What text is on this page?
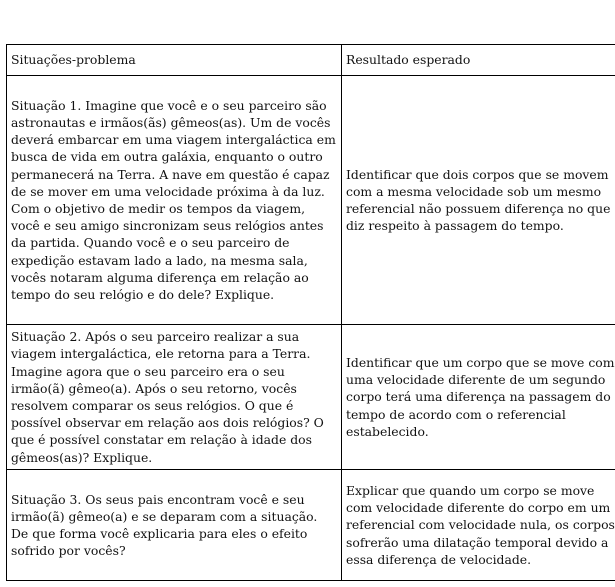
Situações-problema	Resultado esperado

Situação 1. Imagine que você e o seu parceiro são astronautas e irmãos(ãs) gêmeos(as). Um de vocês deverá embarcar em uma viagem intergaláctica em busca de vida em outra galáxia, enquanto o outro permanecerá na Terra. A nave em questão é capaz de se mover em uma velocidade próxima à da luz. Com o objetivo de medir os tempos da viagem, você e seu amigo sincronizam seus relógios antes da partida. Quando você e o seu parceiro de expedição estavam lado a lado, na mesma sala, vocês notaram alguma diferença em relação ao tempo do seu relógio e do dele? Explique.	Identificar que dois corpos que se movem com a mesma velocidade sob um mesmo referencial não possuem diferença no que diz respeito à passagem do tempo.

Situação 2. Após o seu parceiro realizar a sua viagem intergaláctica, ele retorna para a Terra. Imagine agora que o seu parceiro era o seu irmão(ã) gêmeo(a). Após o seu retorno, vocês resolvem comparar os seus relógios. O que é possível observar em relação aos dois relógios? O que é possível constatar em relação à idade dos gêmeos(as)? Explique.	Identificar que um corpo que se move com uma velocidade diferente de um segundo corpo terá uma diferença na passagem do tempo de acordo com o referencial estabelecido.

Situação 3. Os seus pais encontram você e seu irmão(ã) gêmeo(a) e se deparam com a situação. De que forma você explicaria para eles o efeito sofrido por vocês?	Explicar que quando um corpo se move com velocidade diferente do corpo em um referencial com velocidade nula, os corpos sofrerão uma dilatação temporal devido a essa diferença de velocidade.
